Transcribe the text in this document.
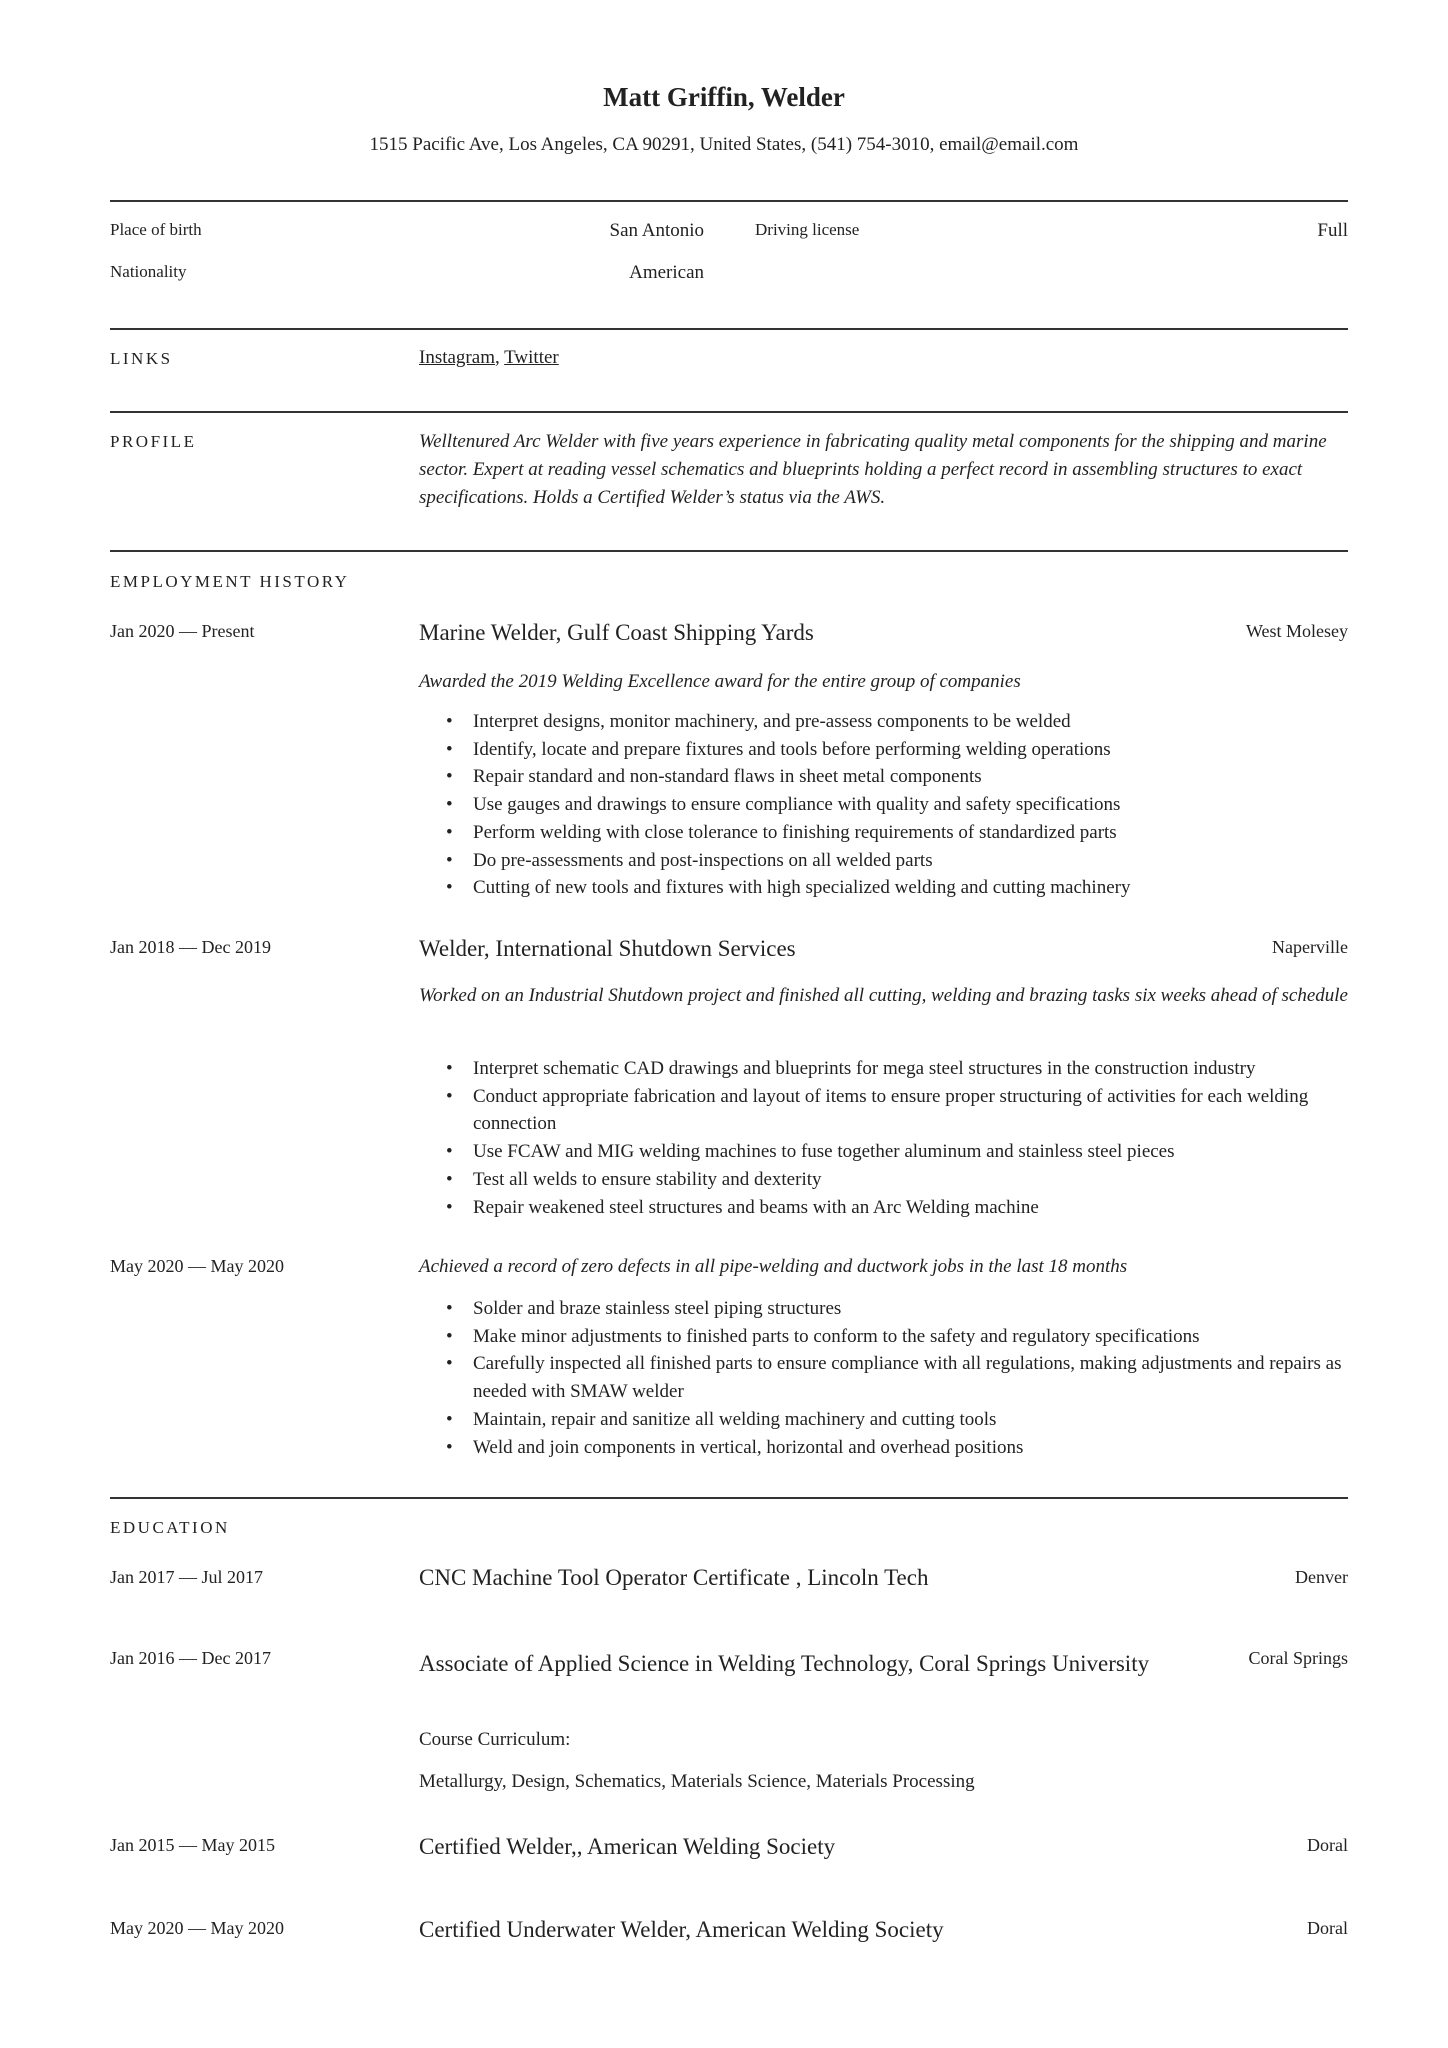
Matt Griffin, Welder
1515 Pacific Ave, Los Angeles, CA 90291, United States, (541) 754-3010, email@email.com
Place of birth	San Antonio	Driving license	Full
Nationality	American
LINKS	Instagram, Twitter
PROFILE	Welltenured Arc Welder with five years experience in fabricating quality metal components for the shipping and marine sector. Expert at reading vessel schematics and blueprints holding a perfect record in assembling structures to exact specifications. Holds a Certified Welder’s status via the AWS.
EMPLOYMENT HISTORY
Jan 2020 — Present	Marine Welder, Gulf Coast Shipping Yards	West Molesey
Awarded the 2019 Welding Excellence award for the entire group of companies
• Interpret designs, monitor machinery, and pre-assess components to be welded
• Identify, locate and prepare fixtures and tools before performing welding operations
• Repair standard and non-standard flaws in sheet metal components
• Use gauges and drawings to ensure compliance with quality and safety specifications
• Perform welding with close tolerance to finishing requirements of standardized parts
• Do pre-assessments and post-inspections on all welded parts
• Cutting of new tools and fixtures with high specialized welding and cutting machinery
Jan 2018 — Dec 2019	Welder, International Shutdown Services	Naperville
Worked on an Industrial Shutdown project and finished all cutting, welding and brazing tasks six weeks ahead of schedule
• Interpret schematic CAD drawings and blueprints for mega steel structures in the construction industry
• Conduct appropriate fabrication and layout of items to ensure proper structuring of activities for each welding connection
• Use FCAW and MIG welding machines to fuse together aluminum and stainless steel pieces
• Test all welds to ensure stability and dexterity
• Repair weakened steel structures and beams with an Arc Welding machine
May 2020 — May 2020	Achieved a record of zero defects in all pipe-welding and ductwork jobs in the last 18 months
• Solder and braze stainless steel piping structures
• Make minor adjustments to finished parts to conform to the safety and regulatory specifications
• Carefully inspected all finished parts to ensure compliance with all regulations, making adjustments and repairs as needed with SMAW welder
• Maintain, repair and sanitize all welding machinery and cutting tools
• Weld and join components in vertical, horizontal and overhead positions
EDUCATION
Jan 2017 — Jul 2017	CNC Machine Tool Operator Certificate , Lincoln Tech	Denver
Jan 2016 — Dec 2017	Associate of Applied Science in Welding Technology, Coral Springs University	Coral Springs
Course Curriculum:
Metallurgy, Design, Schematics, Materials Science, Materials Processing
Jan 2015 — May 2015	Certified Welder,, American Welding Society	Doral
May 2020 — May 2020	Certified Underwater Welder, American Welding Society	Doral
